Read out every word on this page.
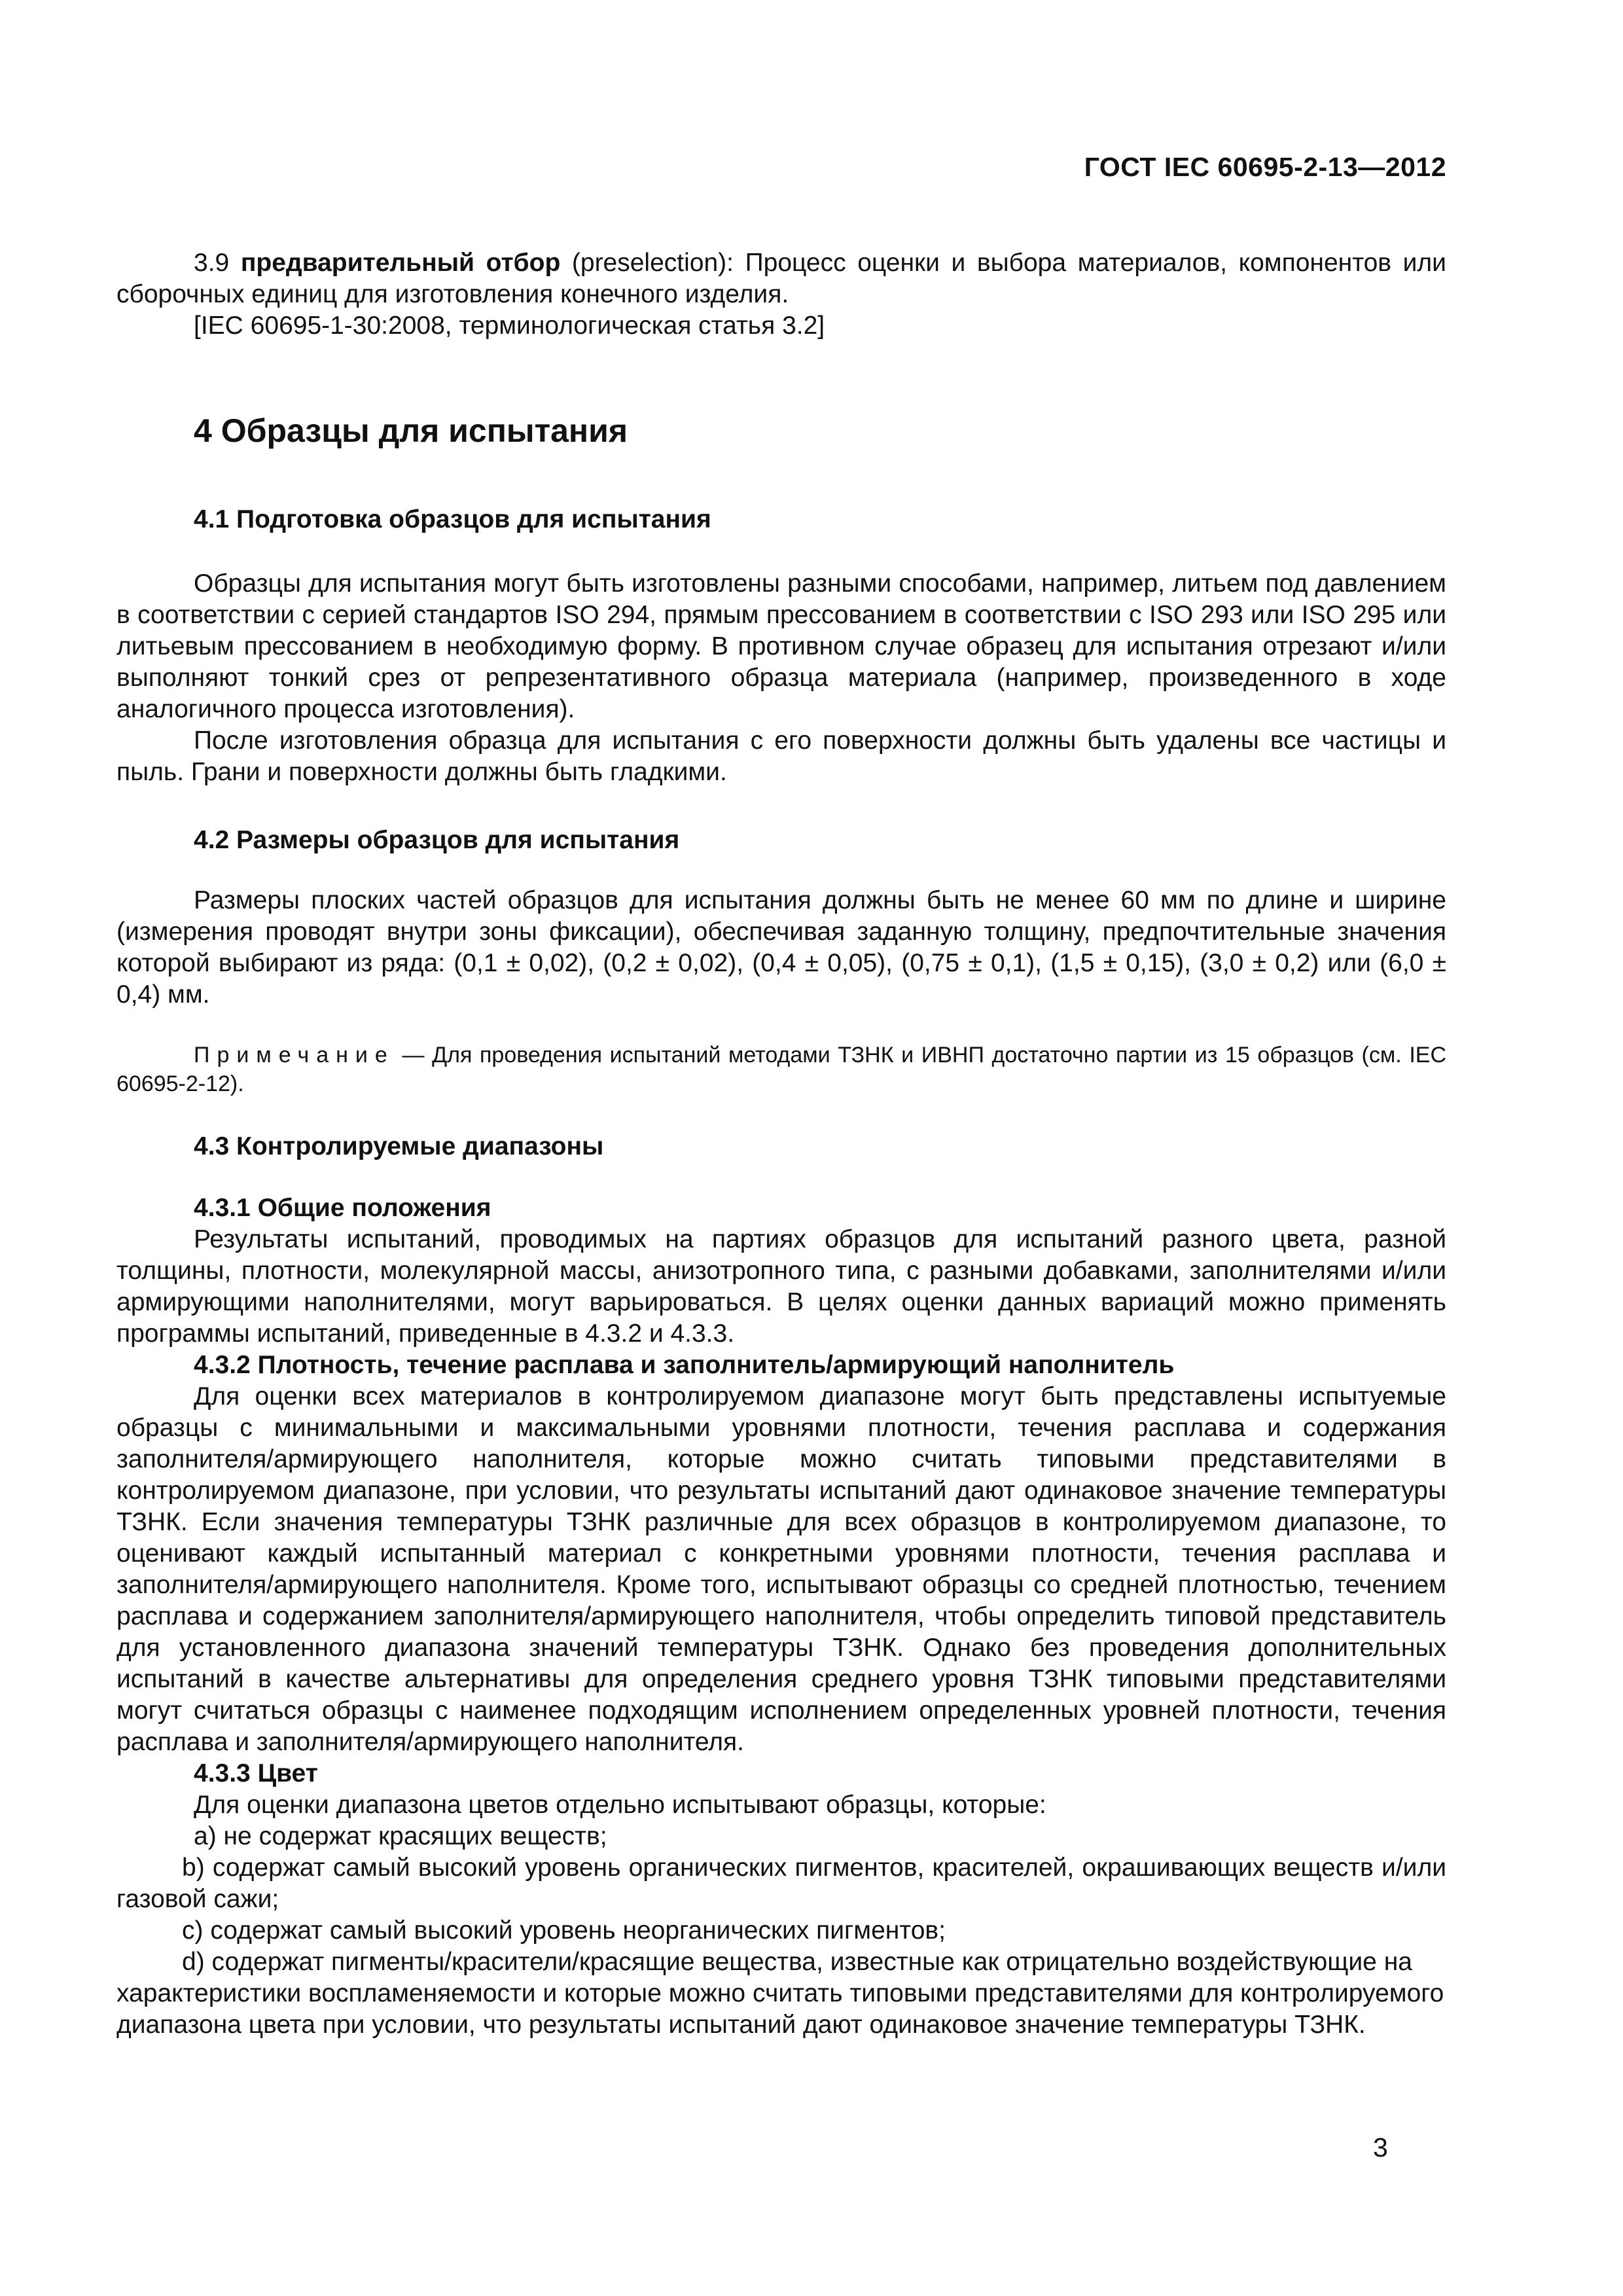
ГОСТ IEC 60695-2-13—2012

3.9 предварительный отбор (preselection): Процесс оценки и выбора материалов, компонентов или сборочных единиц для изготовления конечного изделия.

[IEC 60695-1-30:2008, терминологическая статья 3.2]

4 Образцы для испытания
4.1 Подготовка образцов для испытания

Образцы для испытания могут быть изготовлены разными способами, например, литьем под давлением в соответствии с серией стандартов ISO 294, прямым прессованием в соответствии с ISO 293 или ISO 295 или литьевым прессованием в необходимую форму. В противном случае образец для испытания отрезают и/или выполняют тонкий срез от репрезентативного образца материала (например, произведенного в ходе аналогичного процесса изготовления).

После изготовления образца для испытания с его поверхности должны быть удалены все частицы и пыль. Грани и поверхности должны быть гладкими.

4.2 Размеры образцов для испытания

Размеры плоских частей образцов для испытания должны быть не менее 60 мм по длине и ширине (измерения проводят внутри зоны фиксации), обеспечивая заданную толщину, предпочтительные значения которой выбирают из ряда: (0,1 ± 0,02), (0,2 ± 0,02), (0,4 ± 0,05), (0,75 ± 0,1), (1,5 ± 0,15), (3,0 ± 0,2) или (6,0 ± 0,4) мм.

Примечание — Для проведения испытаний методами ТЗНК и ИВНП достаточно партии из 15 образцов (см. IEC 60695-2-12).

4.3 Контролируемые диапазоны
4.3.1 Общие положения

Результаты испытаний, проводимых на партиях образцов для испытаний разного цвета, разной толщины, плотности, молекулярной массы, анизотропного типа, с разными добавками, заполнителями и/или армирующими наполнителями, могут варьироваться. В целях оценки данных вариаций можно применять программы испытаний, приведенные в 4.3.2 и 4.3.3.

4.3.2 Плотность, течение расплава и заполнитель/армирующий наполнитель

Для оценки всех материалов в контролируемом диапазоне могут быть представлены испытуемые образцы с минимальными и максимальными уровнями плотности, течения расплава и содержания заполнителя/армирующего наполнителя, которые можно считать типовыми представителями в контролируемом диапазоне, при условии, что результаты испытаний дают одинаковое значение температуры ТЗНК. Если значения температуры ТЗНК различные для всех образцов в контролируемом диапазоне, то оценивают каждый испытанный материал с конкретными уровнями плотности, течения расплава и заполнителя/армирующего наполнителя. Кроме того, испытывают образцы со средней плотностью, течением расплава и содержанием заполнителя/армирующего наполнителя, чтобы определить типовой представитель для установленного диапазона значений температуры ТЗНК. Однако без проведения дополнительных испытаний в качестве альтернативы для определения среднего уровня ТЗНК типовыми представителями могут считаться образцы с наименее подходящим исполнением определенных уровней плотности, течения расплава и заполнителя/армирующего наполнителя.

4.3.3 Цвет

Для оценки диапазона цветов отдельно испытывают образцы, которые:

а) не содержат красящих веществ;

b) содержат самый высокий уровень органических пигментов, красителей, окрашивающих веществ и/или газовой сажи;

с) содержат самый высокий уровень неорганических пигментов;

d) содержат пигменты/красители/красящие вещества, известные как отрицательно воздействующие на характеристики воспламеняемости и которые можно считать типовыми представителями для контролируемого диапазона цвета при условии, что результаты испытаний дают одинаковое значение температуры ТЗНК.

3
